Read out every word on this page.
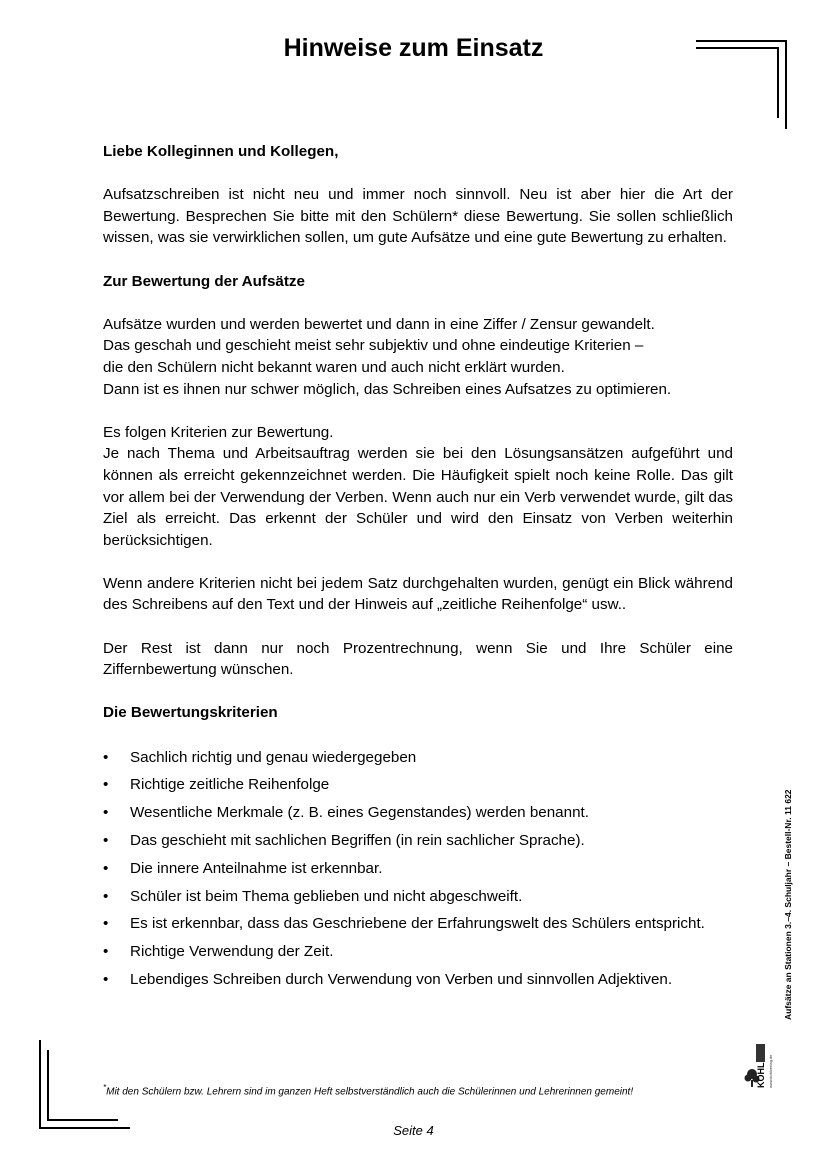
Hinweise zum Einsatz

Liebe Kolleginnen und Kollegen,

Aufsatzschreiben ist nicht neu und immer noch sinnvoll. Neu ist aber hier die Art der Bewertung. Besprechen Sie bitte mit den Schülern* diese Bewertung. Sie sollen schließlich wissen, was sie verwirklichen sollen, um gute Aufsätze und eine gute Bewertung zu erhalten.

Zur Bewertung der Aufsätze

Aufsätze wurden und werden bewertet und dann in eine Ziffer / Zensur gewandelt.
Das geschah und geschieht meist sehr subjektiv und ohne eindeutige Kriterien –
die den Schülern nicht bekannt waren und auch nicht erklärt wurden.
Dann ist es ihnen nur schwer möglich, das Schreiben eines Aufsatzes zu optimieren.

Es folgen Kriterien zur Bewertung.
Je nach Thema und Arbeitsauftrag werden sie bei den Lösungsansätzen aufgeführt und können als erreicht gekennzeichnet werden. Die Häufigkeit spielt noch keine Rolle. Das gilt vor allem bei der Verwendung der Verben. Wenn auch nur ein Verb verwendet wurde, gilt das Ziel als erreicht. Das erkennt der Schüler und wird den Einsatz von Verben weiterhin berücksichtigen.

Wenn andere Kriterien nicht bei jedem Satz durchgehalten wurden, genügt ein Blick während des Schreibens auf den Text und der Hinweis auf „zeitliche Reihenfolge“ usw..

Der Rest ist dann nur noch Prozentrechnung, wenn Sie und Ihre Schüler eine Ziffernbewertung wünschen.

Die Bewertungskriterien

• Sachlich richtig und genau wiedergegeben
• Richtige zeitliche Reihenfolge
• Wesentliche Merkmale (z. B. eines Gegenstandes) werden benannt.
• Das geschieht mit sachlichen Begriffen (in rein sachlicher Sprache).
• Die innere Anteilnahme ist erkennbar.
• Schüler ist beim Thema geblieben und nicht abgeschweift.
• Es ist erkennbar, dass das Geschriebene der Erfahrungswelt des Schülers entspricht.
• Richtige Verwendung der Zeit.
• Lebendiges Schreiben durch Verwendung von Verben und sinnvollen Adjektiven.
*Mit den Schülern bzw. Lehrern sind im ganzen Heft selbstverständlich auch die Schülerinnen und Lehrerinnen gemeint!
Seite 4
Aufsätze an Stationen 3.–4. Schuljahr – Bestell-Nr. 11 622
KOHL www.kohlverlag.de
